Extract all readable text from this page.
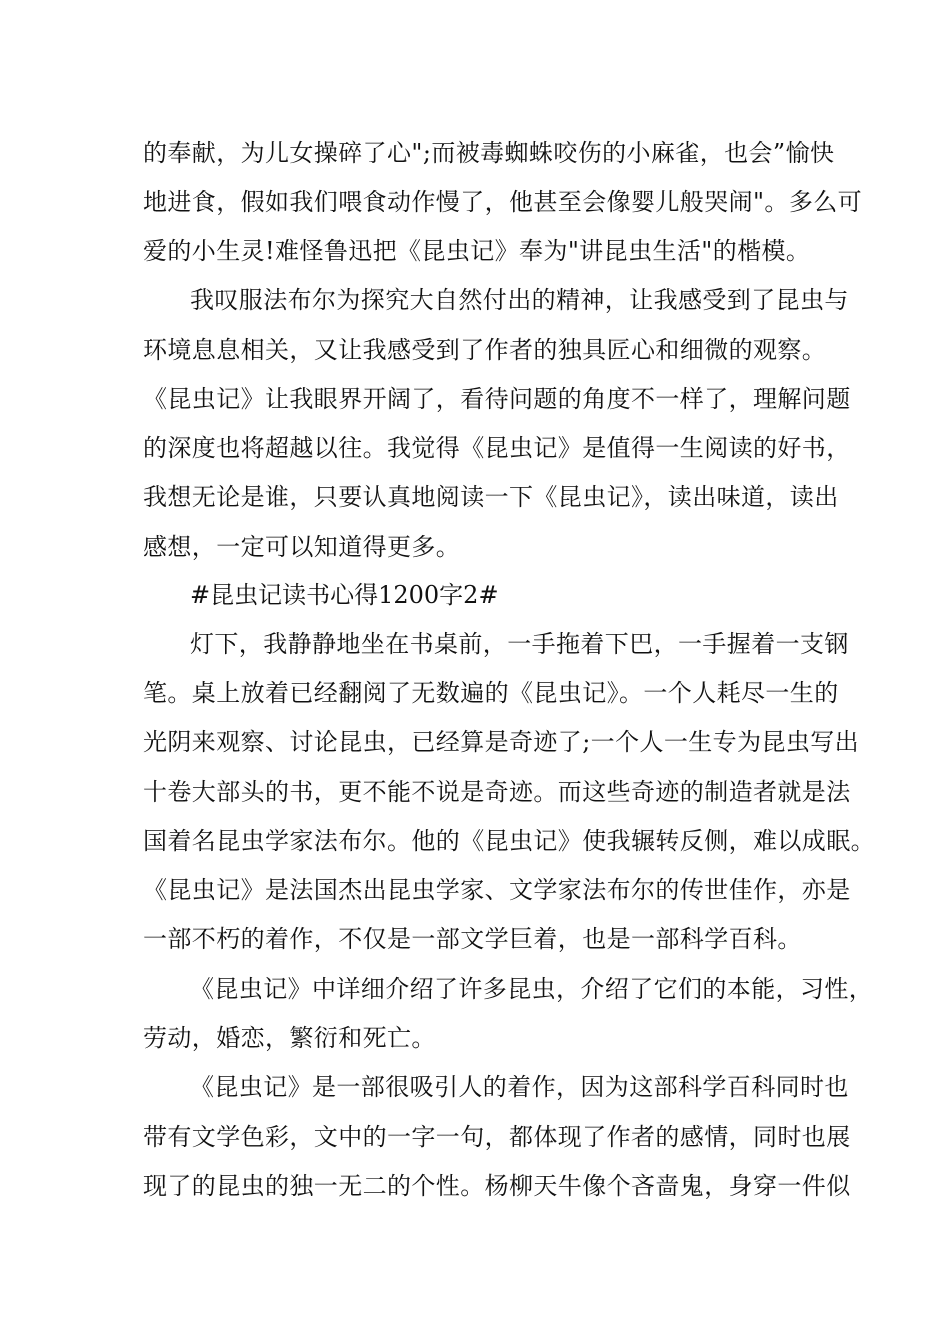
的奉献，为儿女操碎了心";而被毒蜘蛛咬伤的小麻雀，也会”愉快
地进食，假如我们喂食动作慢了，他甚至会像婴儿般哭闹"。多么可
爱的小生灵!难怪鲁迅把《昆虫记》奉为"讲昆虫生活"的楷模。
我叹服法布尔为探究大自然付出的精神，让我感受到了昆虫与
环境息息相关，又让我感受到了作者的独具匠心和细微的观察。
《昆虫记》让我眼界开阔了，看待问题的角度不一样了，理解问题
的深度也将超越以往。我觉得《昆虫记》是值得一生阅读的好书，
我想无论是谁，只要认真地阅读一下《昆虫记》，读出味道，读出
感想，一定可以知道得更多。
#昆虫记读书心得1200字2#
灯下，我静静地坐在书桌前，一手拖着下巴，一手握着一支钢
笔。桌上放着已经翻阅了无数遍的《昆虫记》。一个人耗尽一生的
光阴来观察、讨论昆虫，已经算是奇迹了;一个人一生专为昆虫写出
十卷大部头的书，更不能不说是奇迹。而这些奇迹的制造者就是法
国着名昆虫学家法布尔。他的《昆虫记》使我辗转反侧，难以成眠。
《昆虫记》是法国杰出昆虫学家、文学家法布尔的传世佳作，亦是
一部不朽的着作，不仅是一部文学巨着，也是一部科学百科。
《昆虫记》中详细介绍了许多昆虫，介绍了它们的本能，习性，
劳动，婚恋，繁衍和死亡。
《昆虫记》是一部很吸引人的着作，因为这部科学百科同时也
带有文学色彩，文中的一字一句，都体现了作者的感情，同时也展
现了的昆虫的独一无二的个性。杨柳天牛像个吝啬鬼，身穿一件似
